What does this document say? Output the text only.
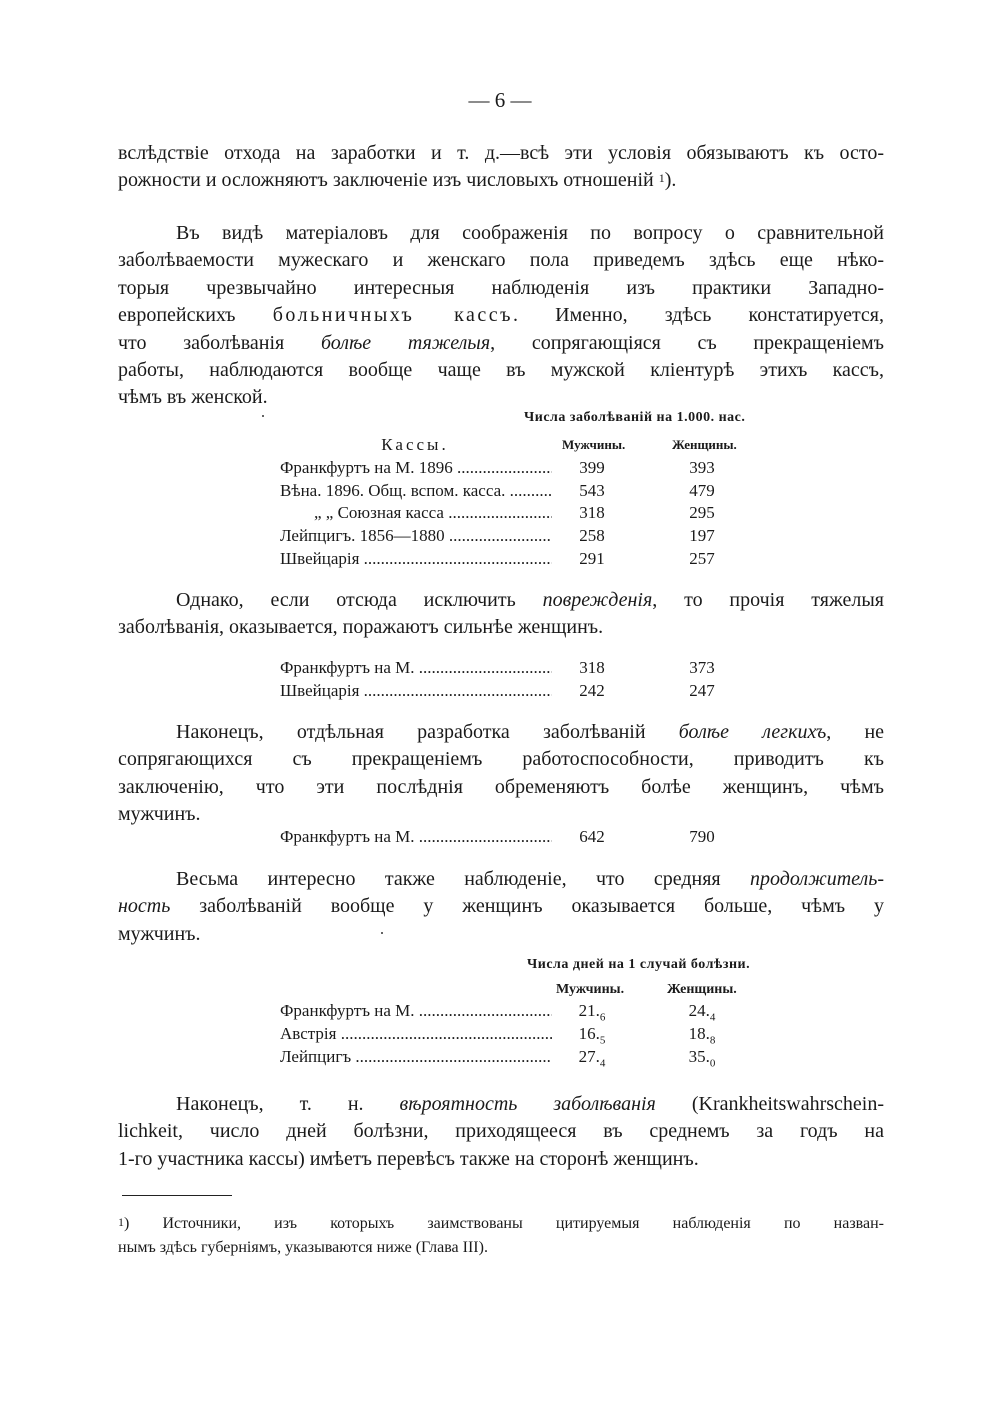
— 6 —
вслѣдствіе отхода на заработки и т. д.—всѣ эти условія обязываютъ къ осто-
рожности и осложняютъ заключеніе изъ числовыхъ отношеній $^1$).
Въ видѣ матеріаловъ для соображенія по вопросу о сравнительной
заболѣваемости мужескаго и женскаго пола приведемъ здѣсь еще нѣко-
торыя чрезвычайно интересныя наблюденія изъ практики Западно-
европейскихъ больничныхъ кассъ. Именно, здѣсь констатируется,
что заболѣванія болѣе тяжелыя, сопрягающіяся съ прекращеніемъ
работы, наблюдаются вообще чаще въ мужской кліентурѣ этихъ кассъ,
чѣмъ въ женской.
Числа заболѣваній на 1.000. нас.
Кассы.	Мужчины.	Женщины.
Франкфуртъ на М. 1896 .....	399	393
Вѣна. 1896. Общ. вспом. касса. .....	543	479
„ „ Союзная касса .....	318	295
Лейпцигъ. 1856—1880 .....	258	197
Швейцарія .....	291	257
Однако, если отсюда исключить поврежденія, то прочія тяжелыя
заболѣванія, оказывается, поражаютъ сильнѣе женщинъ.
Франкфуртъ на М. .....	318	373
Швейцарія .....	242	247
Наконецъ, отдѣльная разработка заболѣваній болѣе легкихъ, не
сопрягающихся съ прекращеніемъ работоспособности, приводитъ къ
заключенію, что эти послѣднія обременяютъ болѣе женщинъ, чѣмъ
мужчинъ.
Франкфуртъ на М. .....	642	790
Весьма интересно также наблюденіе, что средняя продолжитель-
ность заболѣваній вообще у женщинъ оказывается больше, чѣмъ у
мужчинъ.
Числа дней на 1 случай болѣзни.
Мужчины.	Женщины.
Франкфуртъ на М. .....	$21._6$	$24._4$
Австрія .....	$16._5$	$18._8$
Лейпцигъ .....	$27._4$	$35._0$
Наконецъ, т. н. вѣроятность заболѣванія (Krankheitswahrschein-
lichkeit, число дней болѣзни, приходящееся въ среднемъ за годъ на
1-го участника кассы) имѣетъ перевѣсъ также на сторонѣ женщинъ.
$^1$) Источники, изъ которыхъ заимствованы цитируемыя наблюденія по назван-
нымъ здѣсь губерніямъ, указываются ниже (Глава III).
